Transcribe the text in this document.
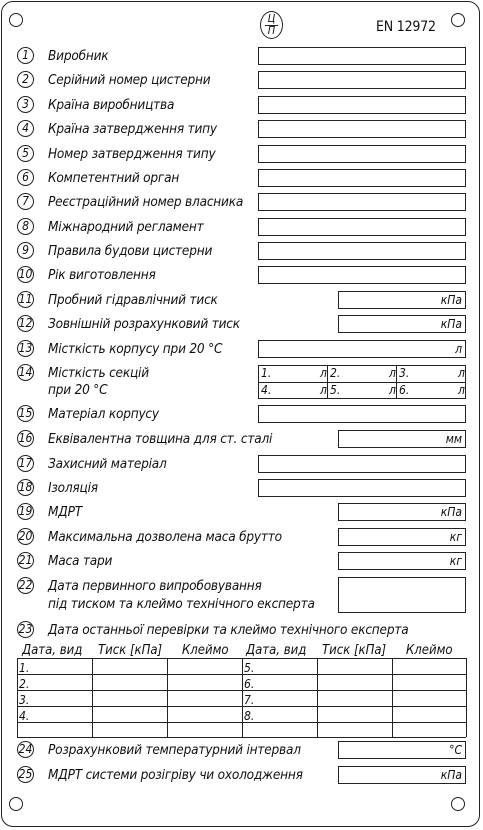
Ц
П	EN 12972
1	Виробник
2	Серійний номер цистерни
3	Країна виробництва
4	Країна затвердження типу
5	Номер затвердження типу
6	Компетентний орган
7	Реєстраційний номер власника
8	Міжнародний регламент
9	Правила будови цистерни
10 Рік виготовлення
11 Пробний гідравлічний тиск	кПа
12 Зовнішній розрахунковий тиск	кПа
13 Місткість корпусу при 20 °С	л
14 Місткість секцій
при 20 °С
1.	л 2.	л 3.	л
4.	л 5.	л 6.	л
15 Матеріал корпусу
16 Еквівалентна товщина для ст. сталі	мм
17 Захисний матеріал
18 Ізоляція
19 МДРТ	кПа
20 Максимальна дозволена маса брутто	кг
21 Маса тари	кг
22 Дата первинного випробовування
під тиском та клеймо технічного експерта
23 Дата останньої перевірки та клеймо технічного експерта
Дата, вид Тиск [кПа] Клеймо Дата, вид Тиск [кПа] Клеймо
1.	5.
2.	6.
3.	7.
4.	8.
24 Розрахунковий температурний інтервал	°С
25 МДРТ системи розігріву чи охолодження	кПа
